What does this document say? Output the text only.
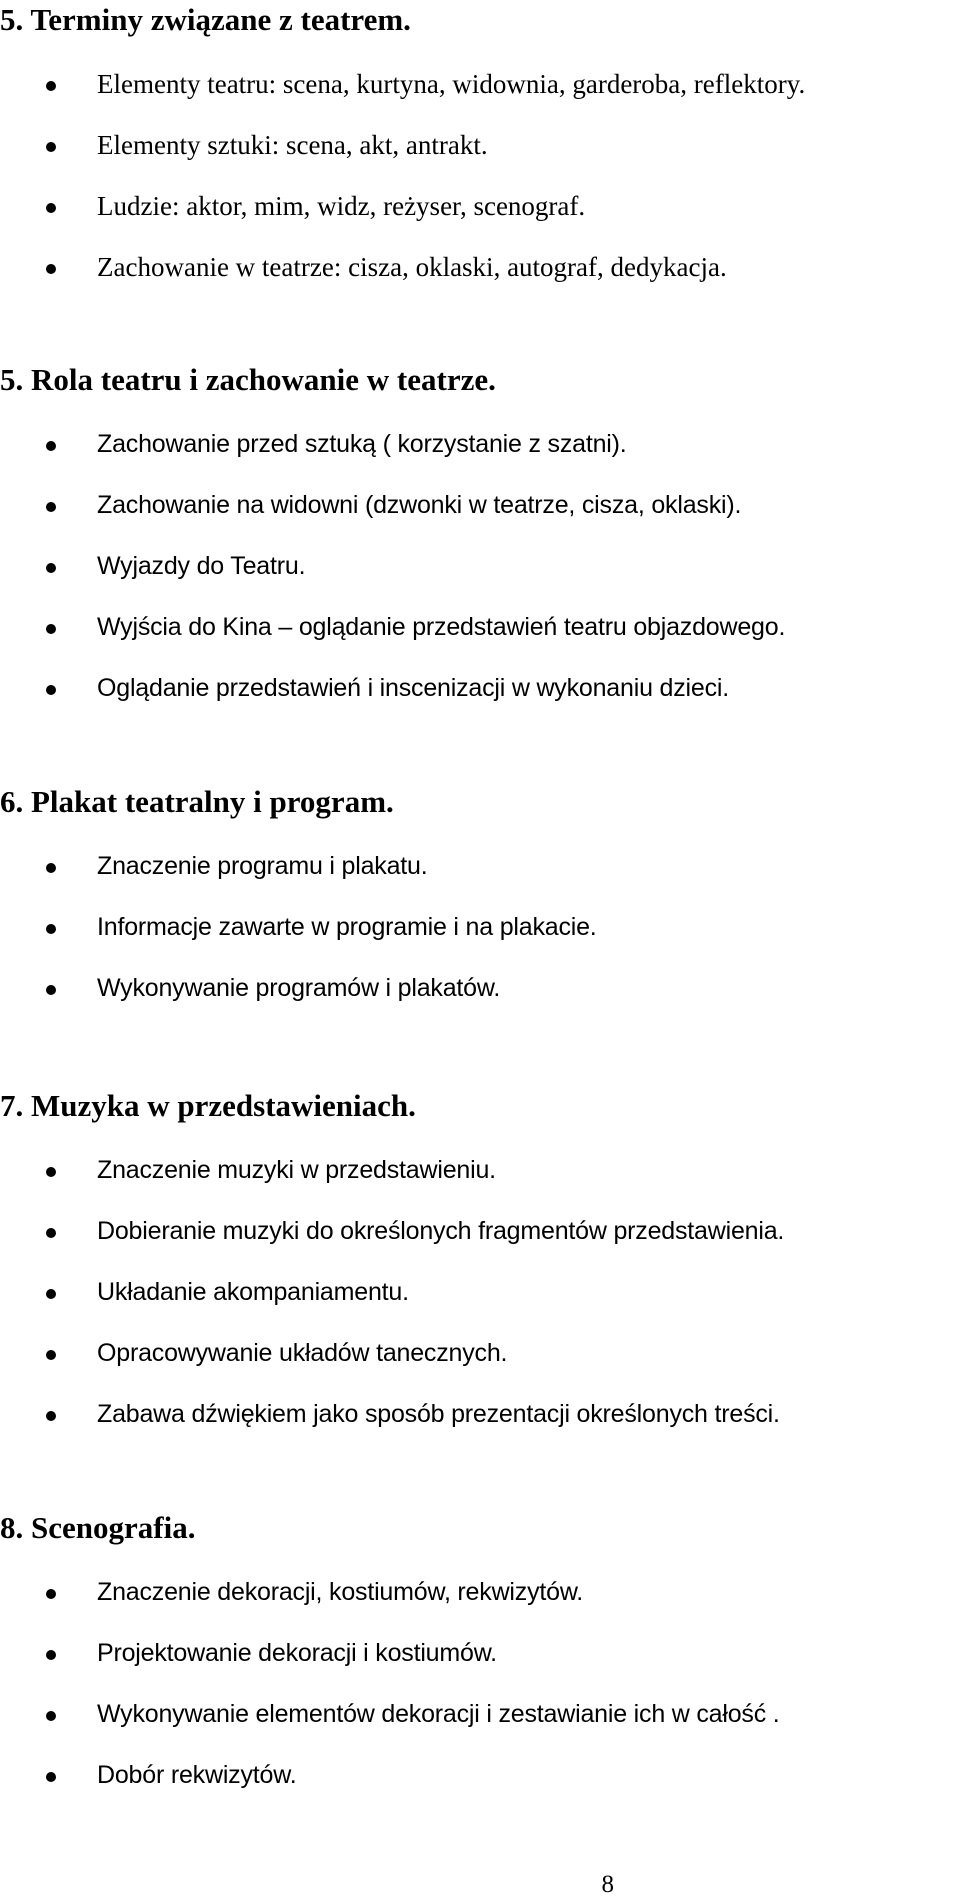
5. Terminy związane z teatrem.
Elementy teatru: scena, kurtyna, widownia, garderoba, reflektory.
Elementy sztuki: scena, akt, antrakt.
Ludzie: aktor, mim, widz, reżyser, scenograf.
Zachowanie w teatrze: cisza, oklaski, autograf, dedykacja.
5. Rola teatru i zachowanie w teatrze.
Zachowanie przed sztuką ( korzystanie z szatni).
Zachowanie na widowni (dzwonki w teatrze, cisza, oklaski).
Wyjazdy do Teatru.
Wyjścia do Kina – oglądanie przedstawień teatru objazdowego.
Oglądanie przedstawień i inscenizacji w wykonaniu dzieci.
6. Plakat teatralny i program.
Znaczenie programu i plakatu.
Informacje zawarte w programie i na plakacie.
Wykonywanie programów i plakatów.
7. Muzyka w przedstawieniach.
Znaczenie muzyki w przedstawieniu.
Dobieranie muzyki do określonych fragmentów przedstawienia.
Układanie akompaniamentu.
Opracowywanie układów tanecznych.
Zabawa dźwiękiem jako sposób prezentacji określonych treści.
8. Scenografia.
Znaczenie dekoracji, kostiumów, rekwizytów.
Projektowanie dekoracji i kostiumów.
Wykonywanie elementów dekoracji i zestawianie ich w całość .
Dobór rekwizytów.
8
